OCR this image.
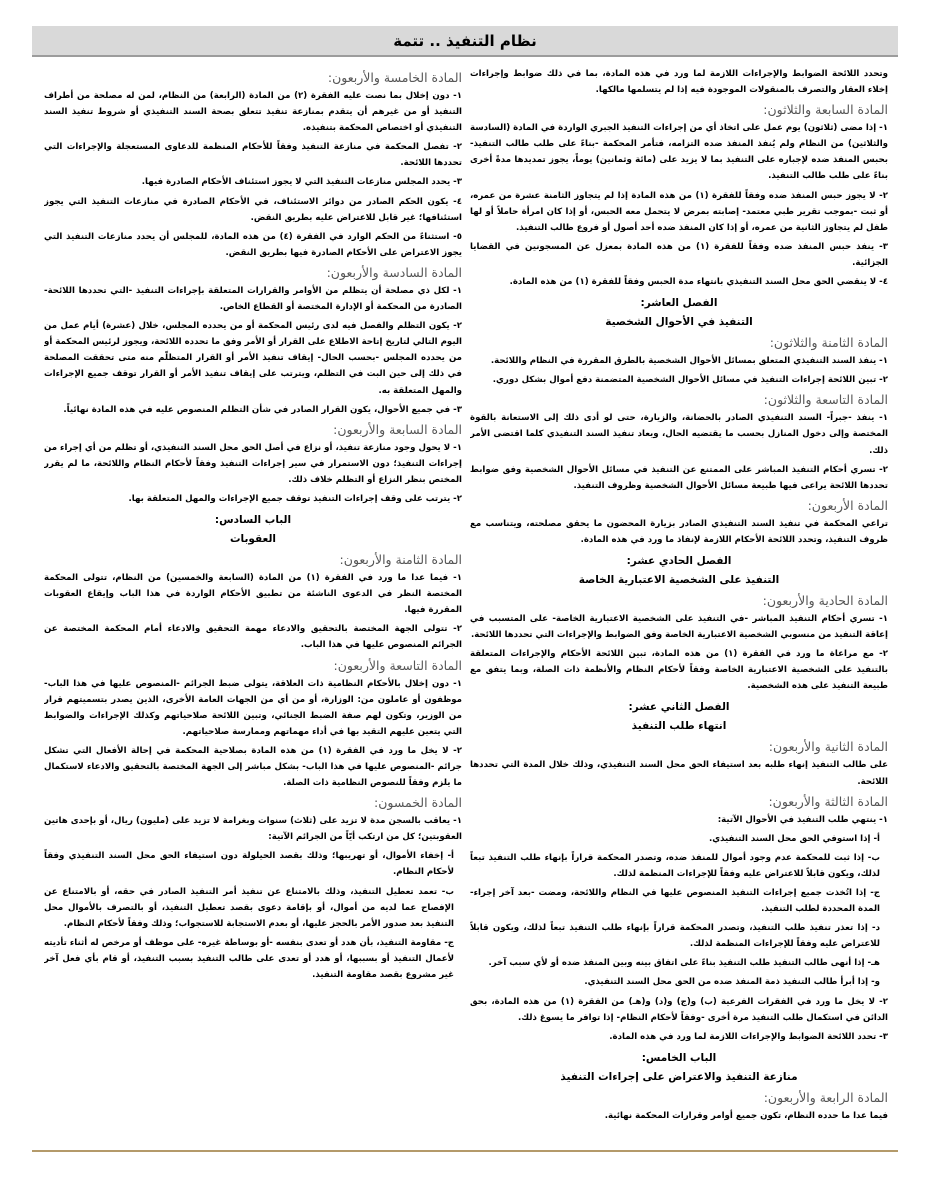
نظام التنفيذ .. تتمة
وتحدد اللائحة الضوابط والإجراءات اللازمة لما ورد في هذه المادة، بما في ذلك ضوابط وإجراءات إخلاء العقار والتصرف بالمنقولات الموجودة فيه إذا لم يتسلمها مالكها.
المادة السابعة والثلاثون:
١- إذا مضى (ثلاثون) يوم عمل على اتخاذ أي من إجراءات التنفيذ الجبري الواردة في المادة (السادسة والثلاثين) من النظام ولم يُنفذ المنفذ ضده التزامه، فتأمر المحكمة -بناءً على طلب طالب التنفيذ- بحبس المنفذ ضده لإجباره على التنفيذ بما لا يزيد على (مائة وثمانين) يوماً، يجوز تمديدها مدةً أخرى بناءً على طلب طالب التنفيذ.
٢- لا يجوز حبس المنفذ ضده وفقاً للفقرة (١) من هذه المادة إذا لم يتجاوز الثامنة عشرة من عمره، أو ثبت -بموجب تقرير طبي معتمد- إصابته بمرض لا يتحمل معه الحبس، أو إذا كان امرأة حاملاً أو لها طفل لم يتجاوز الثانية من عمره، أو إذا كان المنفذ ضده أحد أصول أو فروع طالب التنفيذ.
٣- ينفذ حبس المنفذ ضده وفقاً للفقرة (١) من هذه المادة بمعزل عن المسجونين في القضايا الجزائية.
٤- لا ينقضي الحق محل السند التنفيذي بانتهاء مدة الحبس وفقاً للفقرة (١) من هذه المادة.
الفصل العاشر:
التنفيذ في الأحوال الشخصية
المادة الثامنة والثلاثون:
١- ينفذ السند التنفيذي المتعلق بمسائل الأحوال الشخصية بالطرق المقررة في النظام واللائحة.
٢- تبين اللائحة إجراءات التنفيذ في مسائل الأحوال الشخصية المتضمنة دفع أموال بشكل دوري.
المادة التاسعة والثلاثون:
١- ينفذ -جبراً- السند التنفيذي الصادر بالحضانة، والزيارة، حتى لو أدى ذلك إلى الاستعانة بالقوة المختصة وإلى دخول المنازل بحسب ما يقتضيه الحال، ويعاد تنفيذ السند التنفيذي كلما اقتضى الأمر ذلك.
٢- تسري أحكام التنفيذ المباشر على الممتنع عن التنفيذ في مسائل الأحوال الشخصية وفق ضوابط تحددها اللائحة يراعى فيها طبيعة مسائل الأحوال الشخصية وظروف التنفيذ.
المادة الأربعون:
تراعي المحكمة في تنفيذ السند التنفيذي الصادر بزيارة المحضون ما يحقق مصلحته، ويتناسب مع ظروف التنفيذ، وتحدد اللائحة الأحكام اللازمة لإنفاذ ما ورد في هذه المادة.
الفصل الحادي عشر:
التنفيذ على الشخصية الاعتبارية الخاصة
المادة الحادية والأربعون:
١- تسري أحكام التنفيذ المباشر -في التنفيذ على الشخصية الاعتبارية الخاصة- على المتسبب في إعاقة التنفيذ من منسوبي الشخصية الاعتبارية الخاصة وفق الضوابط والإجراءات التي تحددها اللائحة.
٢- مع مراعاة ما ورد في الفقرة (١) من هذه المادة، تبين اللائحة الأحكام والإجراءات المتعلقة بالتنفيذ على الشخصية الاعتبارية الخاصة وفقاً لأحكام النظام والأنظمة ذات الصلة، وبما يتفق مع طبيعة التنفيذ على هذه الشخصية.
الفصل الثاني عشر:
انتهاء طلب التنفيذ
المادة الثانية والأربعون:
على طالب التنفيذ إنهاء طلبه بعد استيفاء الحق محل السند التنفيذي، وذلك خلال المدة التي تحددها اللائحة.
المادة الثالثة والأربعون:
١- ينتهي طلب التنفيذ في الأحوال الآتية:
أ- إذا استوفي الحق محل السند التنفيذي.
ب- إذا ثبت للمحكمة عدم وجود أموال للمنفذ ضده، وتصدر المحكمة قراراً بإنهاء طلب التنفيذ تبعاً لذلك، ويكون قابلاً للاعتراض عليه وفقاً للإجراءات المنظمة لذلك.
ج- إذا اتُخذت جميع إجراءات التنفيذ المنصوص عليها في النظام واللائحة، ومضت -بعد آخر إجراء- المدة المحددة لطلب التنفيذ.
د- إذا تعذر تنفيذ طلب التنفيذ، وتصدر المحكمة قراراً بإنهاء طلب التنفيذ تبعاً لذلك، ويكون قابلاً للاعتراض عليه وفقاً للإجراءات المنظمة لذلك.
هـ- إذا أنهى طالب التنفيذ طلب التنفيذ بناءً على اتفاق بينه وبين المنفذ ضده أو لأي سبب آخر.
و- إذا أبرأ طالب التنفيذ ذمة المنفذ ضده من الحق محل السند التنفيذي.
٢- لا يخل ما ورد في الفقرات الفرعية (ب) و(ج) و(د) و(هـ) من الفقرة (١) من هذه المادة، بحق الدائن في استكمال طلب التنفيذ مرة أخرى -وفقاً لأحكام النظام- إذا توافر ما يسوغ ذلك.
٣- تحدد اللائحة الضوابط والإجراءات اللازمة لما ورد في هذه المادة.
الباب الخامس:
منازعة التنفيذ والاعتراض على إجراءات التنفيذ
المادة الرابعة والأربعون:
فيما عدا ما حدده النظام، تكون جميع أوامر وقرارات المحكمة نهائية.
المادة الخامسة والأربعون:
١- دون إخلال بما نصت عليه الفقرة (٢) من المادة (الرابعة) من النظام، لمن له مصلحة من أطراف التنفيذ أو من غيرهم أن يتقدم بمنازعة تنفيذ تتعلق بصحة السند التنفيذي أو شروط تنفيذ السند التنفيذي أو اختصاص المحكمة بتنفيذه.
٢- تفصل المحكمة في منازعة التنفيذ وفقاً للأحكام المنظمة للدعاوى المستعجلة والإجراءات التي تحددها اللائحة.
٣- يحدد المجلس منازعات التنفيذ التي لا يجوز استئناف الأحكام الصادرة فيها.
٤- يكون الحكم الصادر من دوائر الاستئناف، في الأحكام الصادرة في منازعات التنفيذ التي يجوز استئنافها؛ غير قابل للاعتراض عليه بطريق النقض.
٥- استثناءً من الحكم الوارد في الفقرة (٤) من هذه المادة، للمجلس أن يحدد منازعات التنفيذ التي يجوز الاعتراض على الأحكام الصادرة فيها بطريق النقض.
المادة السادسة والأربعون:
١- لكل ذي مصلحة أن يتظلم من الأوامر والقرارات المتعلقة بإجراءات التنفيذ -التي تحددها اللائحة- الصادرة من المحكمة أو الإدارة المختصة أو القطاع الخاص.
٢- يكون التظلم والفصل فيه لدى رئيس المحكمة أو من يحدده المجلس، خلال (عشرة) أيام عمل من اليوم التالي لتاريخ إتاحة الاطلاع على القرار أو الأمر وفق ما تحدده اللائحة، ويجوز لرئيس المحكمة أو من يحدده المجلس -بحسب الحال- إيقاف تنفيذ الأمر أو القرار المتظلّم منه متى تحققت المصلحة في ذلك إلى حين البت في التظلم، ويترتب على إيقاف تنفيذ الأمر أو القرار توقف جميع الإجراءات والمهل المتعلقة به.
٣- في جميع الأحوال، يكون القرار الصادر في شأن التظلم المنصوص عليه في هذه المادة نهائياً.
المادة السابعة والأربعون:
١- لا يحول وجود منازعة تنفيذ، أو نزاع في أصل الحق محل السند التنفيذي، أو تظلم من أي إجراء من إجراءات التنفيذ؛ دون الاستمرار في سير إجراءات التنفيذ وفقاً لأحكام النظام واللائحة، ما لم يقرر المختص بنظر النزاع أو التظلم خلاف ذلك.
٢- يترتب على وقف إجراءات التنفيذ توقف جميع الإجراءات والمهل المتعلقة بها.
الباب السادس:
العقوبات
المادة الثامنة والأربعون:
١- فيما عدا ما ورد في الفقرة (١) من المادة (السابعة والخمسين) من النظام، تتولى المحكمة المختصة النظر في الدعوى الناشئة من تطبيق الأحكام الواردة في هذا الباب وإيقاع العقوبات المقررة فيها.
٢- تتولى الجهة المختصة بالتحقيق والادعاء مهمة التحقيق والادعاء أمام المحكمة المختصة عن الجرائم المنصوص عليها في هذا الباب.
المادة التاسعة والأربعون:
١- دون إخلال بالأحكام النظامية ذات العلاقة، يتولى ضبط الجرائم -المنصوص عليها في هذا الباب- موظفون أو عاملون من: الوزارة، أو من أي من الجهات العامة الأخرى، الذين يصدر بتسميتهم قرار من الوزير، وتكون لهم صفة الضبط الجنائي، وتبين اللائحة صلاحياتهم وكذلك الإجراءات والضوابط التي يتعين عليهم التقيد بها في أداء مهماتهم وممارسة صلاحياتهم.
٢- لا يخل ما ورد في الفقرة (١) من هذه المادة بصلاحية المحكمة في إحالة الأفعال التي تشكل جرائم -المنصوص عليها في هذا الباب- بشكل مباشر إلى الجهة المختصة بالتحقيق والادعاء لاستكمال ما يلزم وفقاً للنصوص النظامية ذات الصلة.
المادة الخمسون:
١- يعاقب بالسجن مدة لا تزيد على (ثلاث) سنوات وبغرامة لا تزيد على (مليون) ريال، أو بإحدى هاتين العقوبتين؛ كل من ارتكب أيّاً من الجرائم الآتية:
أ- إخفاء الأموال، أو تهريبها؛ وذلك بقصد الحيلولة دون استيفاء الحق محل السند التنفيذي وفقاً لأحكام النظام.
ب- تعمد تعطيل التنفيذ، وذلك بالامتناع عن تنفيذ أمر التنفيذ الصادر في حقه، أو بالامتناع عن الإفصاح عما لديه من أموال، أو بإقامة دعوى بقصد تعطيل التنفيذ، أو بالتصرف بالأموال محل التنفيذ بعد صدور الأمر بالحجز عليها، أو بعدم الاستجابة للاستجواب؛ وذلك وفقاً لأحكام النظام.
ج- مقاومة التنفيذ، بأن هدد أو تعدى بنفسه -أو بوساطة غيره- على موظف أو مرخص له أثناء تأديته لأعمال التنفيذ أو بسببها، أو هدد أو تعدى على طالب التنفيذ بسبب التنفيذ، أو قام بأي فعل آخر غير مشروع بقصد مقاومة التنفيذ.
